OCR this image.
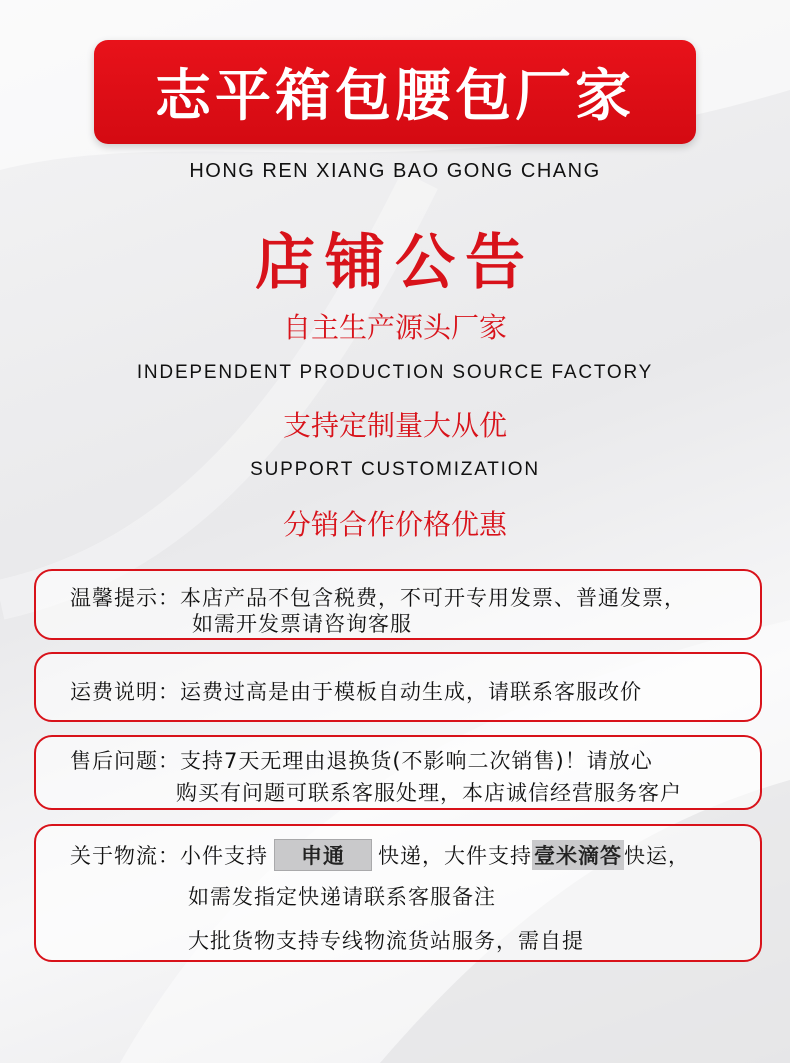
志平箱包腰包厂家
HONG REN XIANG BAO GONG CHANG
店铺公告
自主生产源头厂家
INDEPENDENT PRODUCTION SOURCE FACTORY
支持定制量大从优
SUPPORT CUSTOMIZATION
分销合作价格优惠
温馨提示：本店产品不包含税费，不可开专用发票、普通发票，
如需开发票请咨询客服
运费说明：运费过高是由于模板自动生成，请联系客服改价
售后问题：支持7天无理由退换货(不影响二次销售)！请放心
购买有问题可联系客服处理，本店诚信经营服务客户
关于物流：小件支持 申通 快递，大件支持壹米滴答快运，
如需发指定快递请联系客服备注
大批货物支持专线物流货站服务，需自提
